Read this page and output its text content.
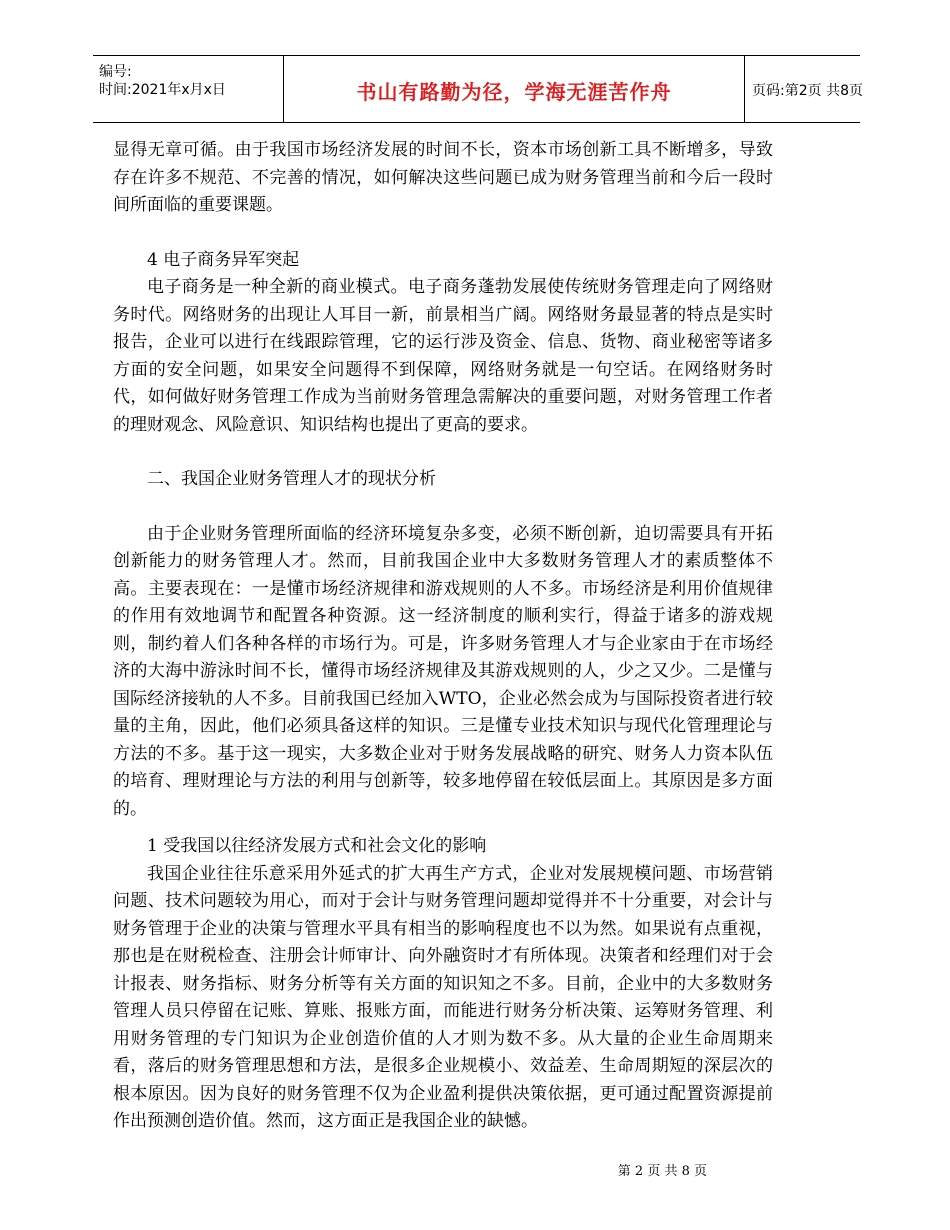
编号:
时间:2021年x月x日	书山有路勤为径，学海无涯苦作舟	页码:第2页 共8页

显得无章可循。由于我国市场经济发展的时间不长，资本市场创新工具不断增多，导致存在许多不规范、不完善的情况，如何解决这些问题已成为财务管理当前和今后一段时间所面临的重要课题。

4 电子商务异军突起

电子商务是一种全新的商业模式。电子商务蓬勃发展使传统财务管理走向了网络财务时代。网络财务的出现让人耳目一新，前景相当广阔。网络财务最显著的特点是实时报告，企业可以进行在线跟踪管理，它的运行涉及资金、信息、货物、商业秘密等诸多方面的安全问题，如果安全问题得不到保障，网络财务就是一句空话。在网络财务时代，如何做好财务管理工作成为当前财务管理急需解决的重要问题，对财务管理工作者的理财观念、风险意识、知识结构也提出了更高的要求。

二、我国企业财务管理人才的现状分析

由于企业财务管理所面临的经济环境复杂多变，必须不断创新，迫切需要具有开拓创新能力的财务管理人才。然而，目前我国企业中大多数财务管理人才的素质整体不高。主要表现在：一是懂市场经济规律和游戏规则的人不多。市场经济是利用价值规律的作用有效地调节和配置各种资源。这一经济制度的顺利实行，得益于诸多的游戏规则，制约着人们各种各样的市场行为。可是，许多财务管理人才与企业家由于在市场经济的大海中游泳时间不长，懂得市场经济规律及其游戏规则的人，少之又少。二是懂与国际经济接轨的人不多。目前我国已经加入WTO，企业必然会成为与国际投资者进行较量的主角，因此，他们必须具备这样的知识。三是懂专业技术知识与现代化管理理论与方法的不多。基于这一现实，大多数企业对于财务发展战略的研究、财务人力资本队伍的培育、理财理论与方法的利用与创新等，较多地停留在较低层面上。其原因是多方面的。

1 受我国以往经济发展方式和社会文化的影响

我国企业往往乐意采用外延式的扩大再生产方式，企业对发展规模问题、市场营销问题、技术问题较为用心，而对于会计与财务管理问题却觉得并不十分重要，对会计与财务管理于企业的决策与管理水平具有相当的影响程度也不以为然。如果说有点重视，那也是在财税检查、注册会计师审计、向外融资时才有所体现。决策者和经理们对于会计报表、财务指标、财务分析等有关方面的知识知之不多。目前，企业中的大多数财务管理人员只停留在记账、算账、报账方面，而能进行财务分析决策、运筹财务管理、利用财务管理的专门知识为企业创造价值的人才则为数不多。从大量的企业生命周期来看，落后的财务管理思想和方法，是很多企业规模小、效益差、生命周期短的深层次的根本原因。因为良好的财务管理不仅为企业盈利提供决策依据，更可通过配置资源提前作出预测创造价值。然而，这方面正是我国企业的缺憾。

第 2 页 共 8 页
